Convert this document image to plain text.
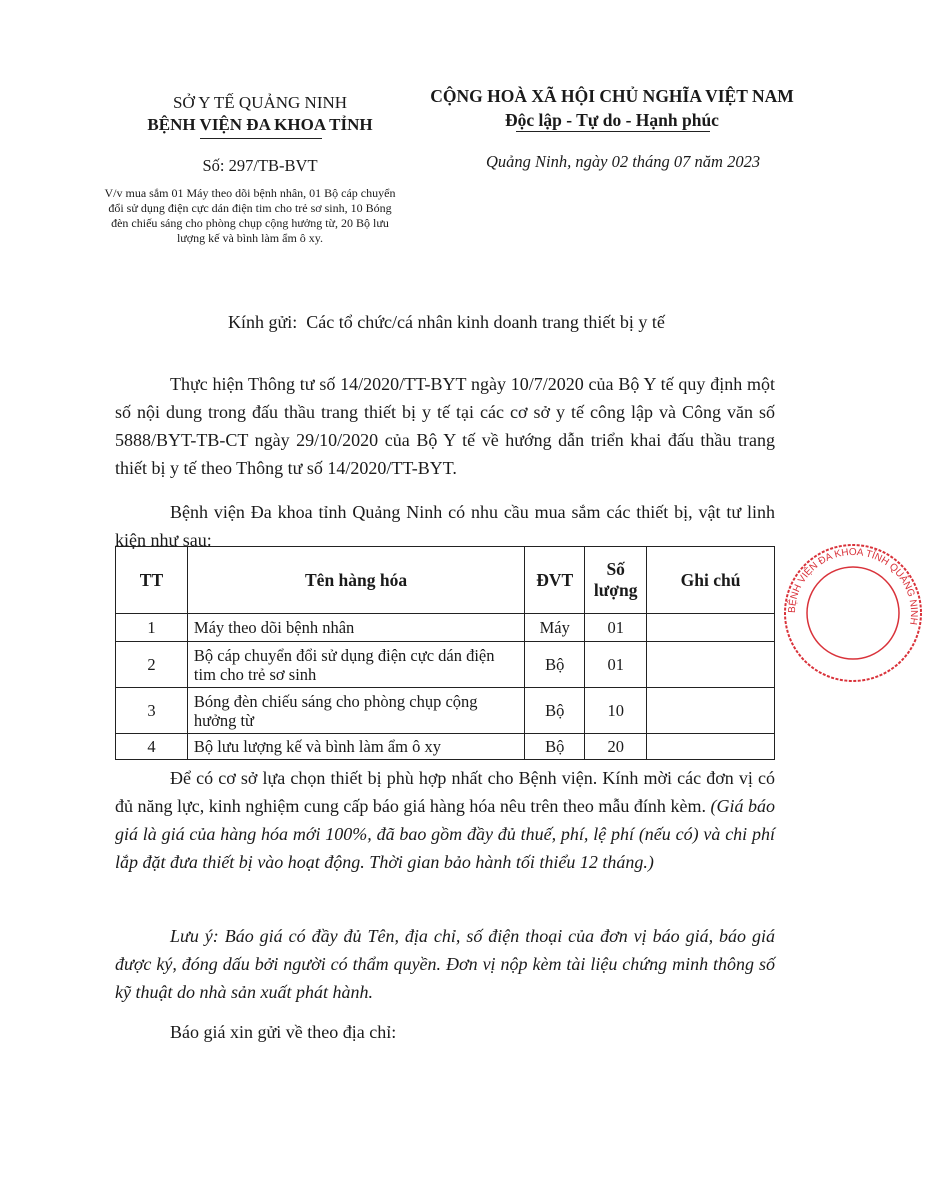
SỞ Y TẾ QUẢNG NINH
BỆNH VIỆN ĐA KHOA TỈNH
CỘNG HOÀ XÃ HỘI CHỦ NGHĨA VIỆT NAM
Độc lập - Tự do - Hạnh phúc
Số: 297/TB-BVT	Quảng Ninh, ngày 02 tháng 07 năm 2023
V/v mua sắm 01 Máy theo dõi bệnh nhân, 01 Bộ cáp chuyển đổi sử dụng điện cực dán điện tim cho trẻ sơ sinh, 10 Bóng đèn chiếu sáng cho phòng chụp cộng hưởng từ, 20 Bộ lưu lượng kế và bình làm ẩm ô xy.
Kính gửi: Các tổ chức/cá nhân kinh doanh trang thiết bị y tế

Thực hiện Thông tư số 14/2020/TT-BYT ngày 10/7/2020 của Bộ Y tế quy định một số nội dung trong đấu thầu trang thiết bị y tế tại các cơ sở y tế công lập và Công văn số 5888/BYT-TB-CT ngày 29/10/2020 của Bộ Y tế về hướng dẫn triển khai đấu thầu trang thiết bị y tế theo Thông tư số 14/2020/TT-BYT.

Bệnh viện Đa khoa tỉnh Quảng Ninh có nhu cầu mua sắm các thiết bị, vật tư linh kiện như sau:

TT	Tên hàng hóa	ĐVT	Số lượng	Ghi chú
1	Máy theo dõi bệnh nhân	Máy	01	
2	Bộ cáp chuyển đổi sử dụng điện cực dán điện tim cho trẻ sơ sinh	Bộ	01	
3	Bóng đèn chiếu sáng cho phòng chụp cộng hưởng từ	Bộ	10	
4	Bộ lưu lượng kế và bình làm ẩm ô xy	Bộ	20	

Để có cơ sở lựa chọn thiết bị phù hợp nhất cho Bệnh viện. Kính mời các đơn vị có đủ năng lực, kinh nghiệm cung cấp báo giá hàng hóa nêu trên theo mẫu đính kèm. (Giá báo giá là giá của hàng hóa mới 100%, đã bao gồm đầy đủ thuế, phí, lệ phí (nếu có) và chi phí lắp đặt đưa thiết bị vào hoạt động. Thời gian bảo hành tối thiểu 12 tháng.)

Lưu ý: Báo giá có đầy đủ Tên, địa chỉ, số điện thoại của đơn vị báo giá, báo giá được ký, đóng dấu bởi người có thẩm quyền. Đơn vị nộp kèm tài liệu chứng minh thông số kỹ thuật do nhà sản xuất phát hành.

Báo giá xin gửi về theo địa chỉ:

BỆNH VIỆN ĐA KHOA TỈNH QUẢNG NINH
